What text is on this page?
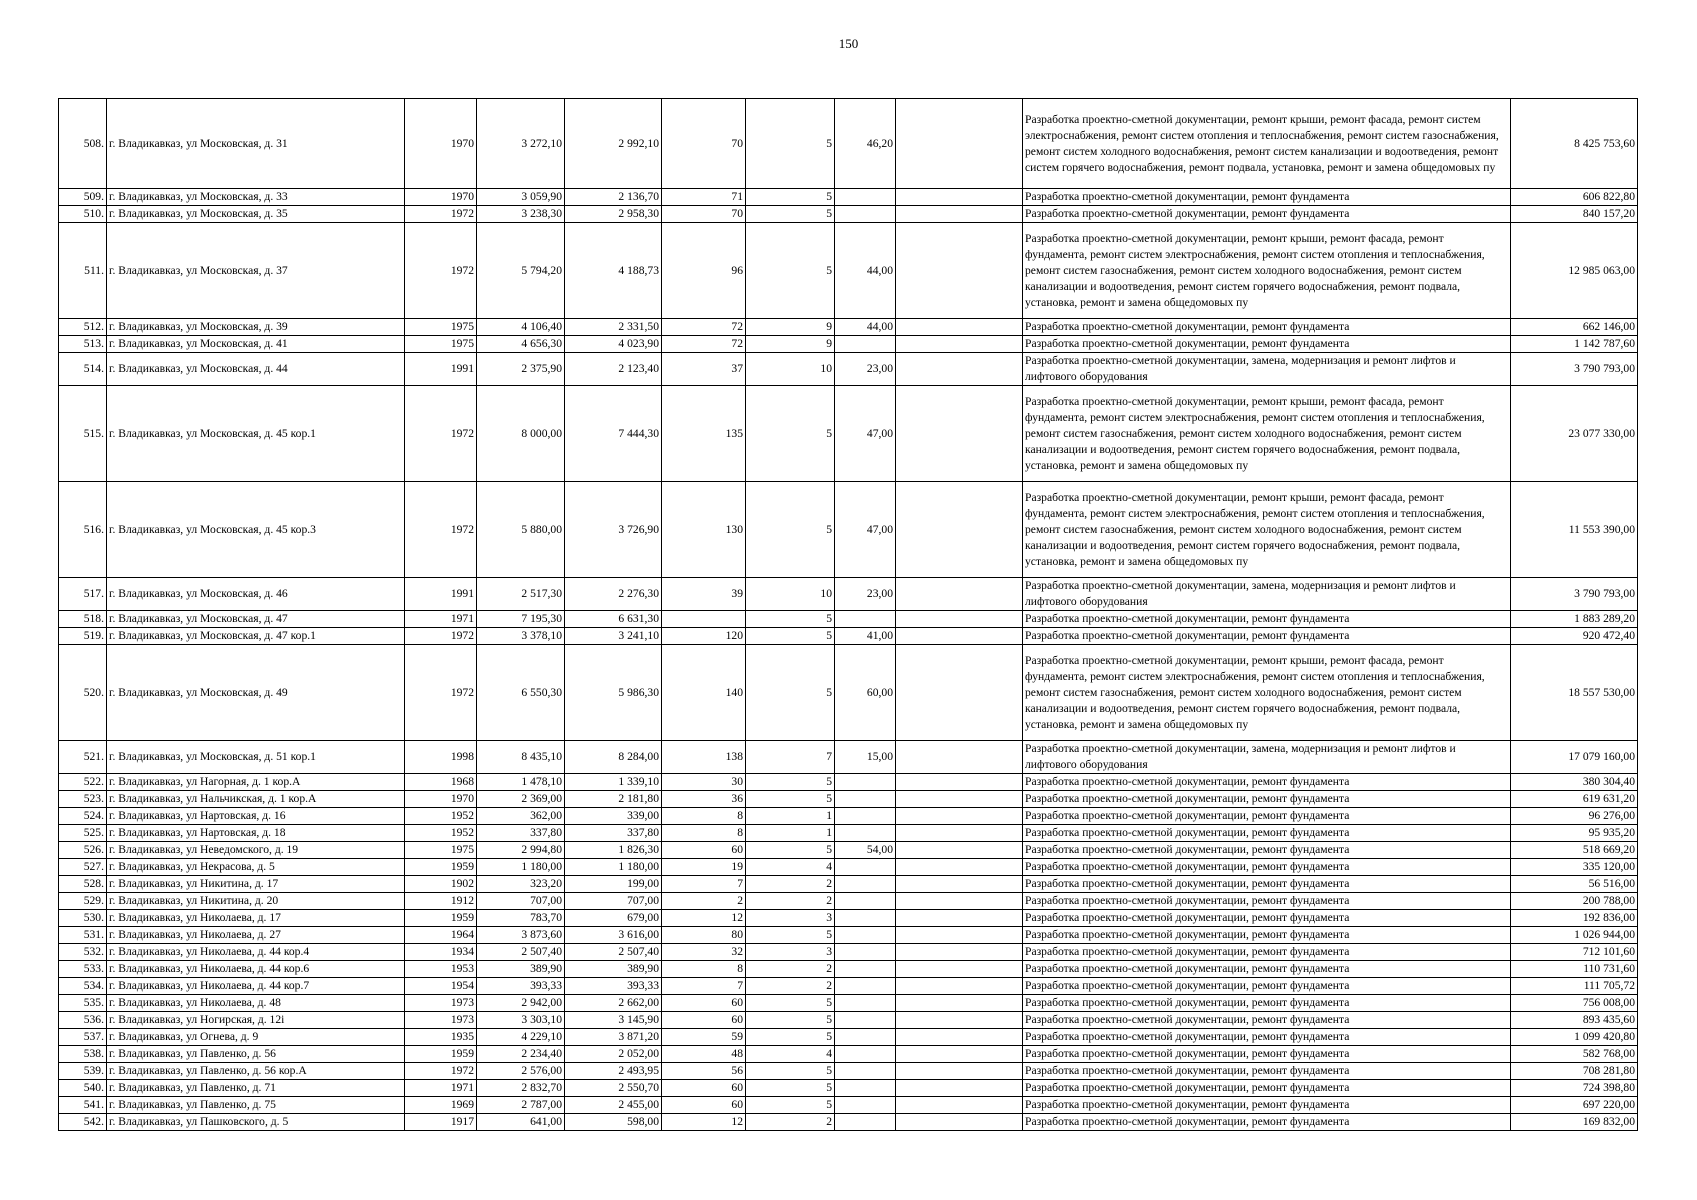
150
508.	г. Владикавказ, ул Московская, д. 31	1970	3 272,10	2 992,10	70	5	46,20		Разработка проектно-сметной документации, ремонт крыши, ремонт фасада, ремонт систем электроснабжения, ремонт систем отопления и теплоснабжения, ремонт систем газоснабжения, ремонт систем холодного водоснабжения, ремонт систем канализации и водоотведения, ремонт систем горячего водоснабжения, ремонт подвала, установка, ремонт и замена общедомовых пу	8 425 753,60
509.	г. Владикавказ, ул Московская, д. 33	1970	3 059,90	2 136,70	71	5			Разработка проектно-сметной документации, ремонт фундамента	606 822,80
510.	г. Владикавказ, ул Московская, д. 35	1972	3 238,30	2 958,30	70	5			Разработка проектно-сметной документации, ремонт фундамента	840 157,20
511.	г. Владикавказ, ул Московская, д. 37	1972	5 794,20	4 188,73	96	5	44,00		Разработка проектно-сметной документации, ремонт крыши, ремонт фасада, ремонт фундамента, ремонт систем электроснабжения, ремонт систем отопления и теплоснабжения, ремонт систем газоснабжения, ремонт систем холодного водоснабжения, ремонт систем канализации и водоотведения, ремонт систем горячего водоснабжения, ремонт подвала, установка, ремонт и замена общедомовых пу	12 985 063,00
512.	г. Владикавказ, ул Московская, д. 39	1975	4 106,40	2 331,50	72	9	44,00		Разработка проектно-сметной документации, ремонт фундамента	662 146,00
513.	г. Владикавказ, ул Московская, д. 41	1975	4 656,30	4 023,90	72	9			Разработка проектно-сметной документации, ремонт фундамента	1 142 787,60
514.	г. Владикавказ, ул Московская, д. 44	1991	2 375,90	2 123,40	37	10	23,00		Разработка проектно-сметной документации, замена, модернизация и ремонт лифтов и лифтового оборудования	3 790 793,00
515.	г. Владикавказ, ул Московская, д. 45 кор.1	1972	8 000,00	7 444,30	135	5	47,00		Разработка проектно-сметной документации, ремонт крыши, ремонт фасада, ремонт фундамента, ремонт систем электроснабжения, ремонт систем отопления и теплоснабжения, ремонт систем газоснабжения, ремонт систем холодного водоснабжения, ремонт систем канализации и водоотведения, ремонт систем горячего водоснабжения, ремонт подвала, установка, ремонт и замена общедомовых пу	23 077 330,00
516.	г. Владикавказ, ул Московская, д. 45 кор.3	1972	5 880,00	3 726,90	130	5	47,00		Разработка проектно-сметной документации, ремонт крыши, ремонт фасада, ремонт фундамента, ремонт систем электроснабжения, ремонт систем отопления и теплоснабжения, ремонт систем газоснабжения, ремонт систем холодного водоснабжения, ремонт систем канализации и водоотведения, ремонт систем горячего водоснабжения, ремонт подвала, установка, ремонт и замена общедомовых пу	11 553 390,00
517.	г. Владикавказ, ул Московская, д. 46	1991	2 517,30	2 276,30	39	10	23,00		Разработка проектно-сметной документации, замена, модернизация и ремонт лифтов и лифтового оборудования	3 790 793,00
518.	г. Владикавказ, ул Московская, д. 47	1971	7 195,30	6 631,30		5			Разработка проектно-сметной документации, ремонт фундамента	1 883 289,20
519.	г. Владикавказ, ул Московская, д. 47 кор.1	1972	3 378,10	3 241,10	120	5	41,00		Разработка проектно-сметной документации, ремонт фундамента	920 472,40
520.	г. Владикавказ, ул Московская, д. 49	1972	6 550,30	5 986,30	140	5	60,00		Разработка проектно-сметной документации, ремонт крыши, ремонт фасада, ремонт фундамента, ремонт систем электроснабжения, ремонт систем отопления и теплоснабжения, ремонт систем газоснабжения, ремонт систем холодного водоснабжения, ремонт систем канализации и водоотведения, ремонт систем горячего водоснабжения, ремонт подвала, установка, ремонт и замена общедомовых пу	18 557 530,00
521.	г. Владикавказ, ул Московская, д. 51 кор.1	1998	8 435,10	8 284,00	138	7	15,00		Разработка проектно-сметной документации, замена, модернизация и ремонт лифтов и лифтового оборудования	17 079 160,00
522.	г. Владикавказ, ул Нагорная, д. 1 кор.А	1968	1 478,10	1 339,10	30	5			Разработка проектно-сметной документации, ремонт фундамента	380 304,40
523.	г. Владикавказ, ул Нальчикская, д. 1 кор.А	1970	2 369,00	2 181,80	36	5			Разработка проектно-сметной документации, ремонт фундамента	619 631,20
524.	г. Владикавказ, ул Нартовская, д. 16	1952	362,00	339,00	8	1			Разработка проектно-сметной документации, ремонт фундамента	96 276,00
525.	г. Владикавказ, ул Нартовская, д. 18	1952	337,80	337,80	8	1			Разработка проектно-сметной документации, ремонт фундамента	95 935,20
526.	г. Владикавказ, ул Неведомского, д. 19	1975	2 994,80	1 826,30	60	5	54,00		Разработка проектно-сметной документации, ремонт фундамента	518 669,20
527.	г. Владикавказ, ул Некрасова, д. 5	1959	1 180,00	1 180,00	19	4			Разработка проектно-сметной документации, ремонт фундамента	335 120,00
528.	г. Владикавказ, ул Никитина, д. 17	1902	323,20	199,00	7	2			Разработка проектно-сметной документации, ремонт фундамента	56 516,00
529.	г. Владикавказ, ул Никитина, д. 20	1912	707,00	707,00	2	2			Разработка проектно-сметной документации, ремонт фундамента	200 788,00
530.	г. Владикавказ, ул Николаева, д. 17	1959	783,70	679,00	12	3			Разработка проектно-сметной документации, ремонт фундамента	192 836,00
531.	г. Владикавказ, ул Николаева, д. 27	1964	3 873,60	3 616,00	80	5			Разработка проектно-сметной документации, ремонт фундамента	1 026 944,00
532.	г. Владикавказ, ул Николаева, д. 44 кор.4	1934	2 507,40	2 507,40	32	3			Разработка проектно-сметной документации, ремонт фундамента	712 101,60
533.	г. Владикавказ, ул Николаева, д. 44 кор.6	1953	389,90	389,90	8	2			Разработка проектно-сметной документации, ремонт фундамента	110 731,60
534.	г. Владикавказ, ул Николаева, д. 44 кор.7	1954	393,33	393,33	7	2			Разработка проектно-сметной документации, ремонт фундамента	111 705,72
535.	г. Владикавказ, ул Николаева, д. 48	1973	2 942,00	2 662,00	60	5			Разработка проектно-сметной документации, ремонт фундамента	756 008,00
536.	г. Владикавказ, ул Ногирская, д. 12і	1973	3 303,10	3 145,90	60	5			Разработка проектно-сметной документации, ремонт фундамента	893 435,60
537.	г. Владикавказ, ул Огнева, д. 9	1935	4 229,10	3 871,20	59	5			Разработка проектно-сметной документации, ремонт фундамента	1 099 420,80
538.	г. Владикавказ, ул Павленко, д. 56	1959	2 234,40	2 052,00	48	4			Разработка проектно-сметной документации, ремонт фундамента	582 768,00
539.	г. Владикавказ, ул Павленко, д. 56 кор.А	1972	2 576,00	2 493,95	56	5			Разработка проектно-сметной документации, ремонт фундамента	708 281,80
540.	г. Владикавказ, ул Павленко, д. 71	1971	2 832,70	2 550,70	60	5			Разработка проектно-сметной документации, ремонт фундамента	724 398,80
541.	г. Владикавказ, ул Павленко, д. 75	1969	2 787,00	2 455,00	60	5			Разработка проектно-сметной документации, ремонт фундамента	697 220,00
542.	г. Владикавказ, ул Пашковского, д. 5	1917	641,00	598,00	12	2			Разработка проектно-сметной документации, ремонт фундамента	169 832,00
